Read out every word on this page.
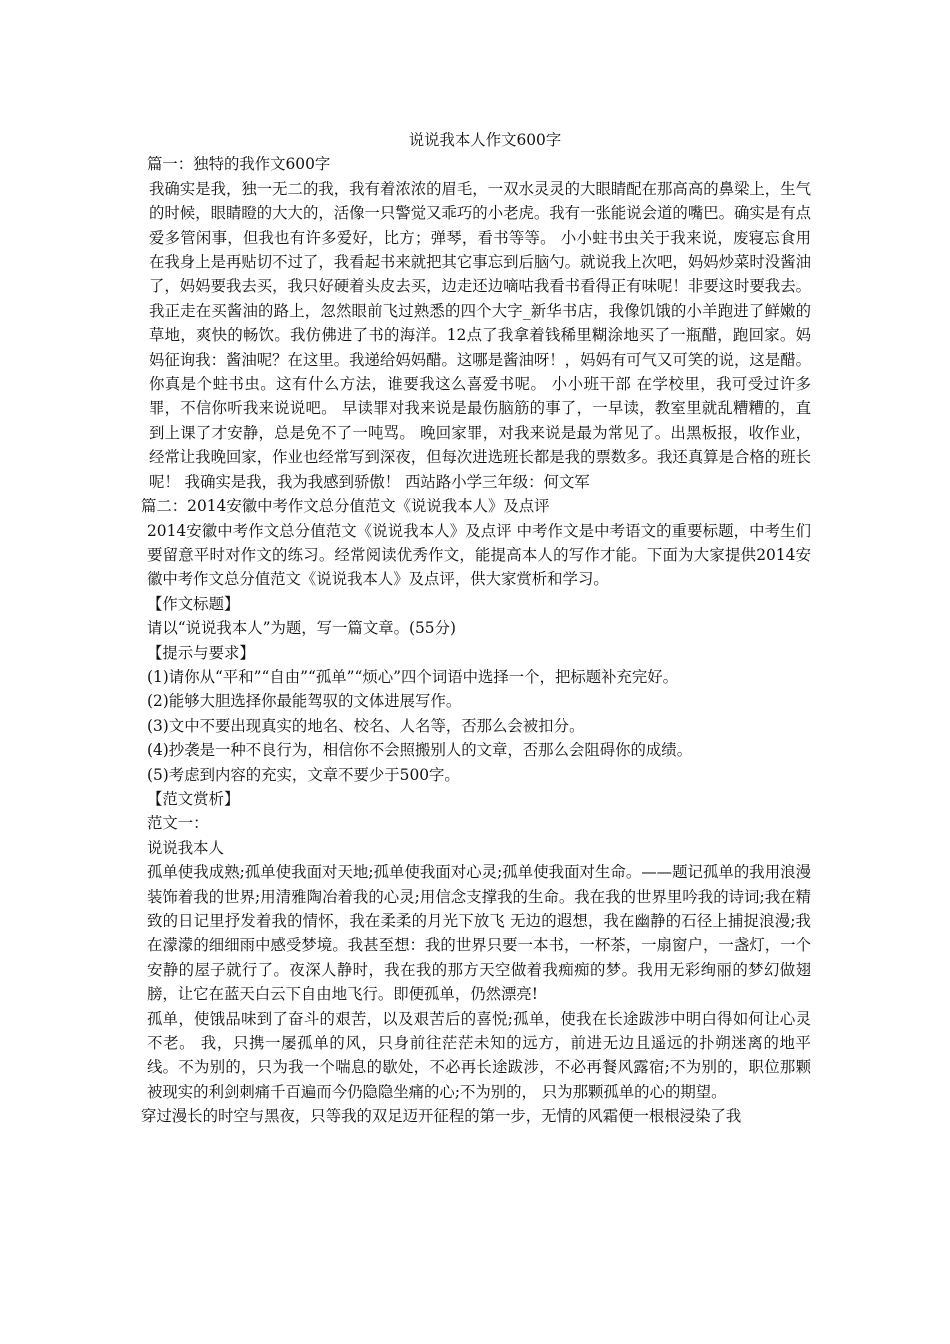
说说我本人作文600字

篇一：独特的我作文600字

我确实是我，独一无二的我，我有着浓浓的眉毛，一双水灵灵的大眼睛配在那高高的鼻梁上，生气的时候，眼睛瞪的大大的，活像一只警觉又乖巧的小老虎。我有一张能说会道的嘴巴。确实是有点爱多管闲事，但我也有许多爱好，比方；弹琴，看书等等。 小小蛀书虫关于我来说，废寝忘食用在我身上是再贴切不过了，我看起书来就把其它事忘到后脑勺。就说我上次吧，妈妈炒菜时没酱油了，妈妈要我去买，我只好硬着头皮去买，边走还边嘀咕我看书看得正有味呢！非要这时要我去。我正走在买酱油的路上，忽然眼前飞过熟悉的四个大字_新华书店，我像饥饿的小羊跑进了鲜嫩的草地，爽快的畅饮。我仿佛进了书的海洋。12点了我拿着钱稀里糊涂地买了一瓶醋，跑回家。妈妈征询我：酱油呢？在这里。我递给妈妈醋。这哪是酱油呀！，妈妈有可气又可笑的说，这是醋。你真是个蛀书虫。这有什么方法，谁要我这么喜爱书呢。 小小班干部 在学校里，我可受过许多罪，不信你听我来说说吧。 早读罪对我来说是最伤脑筋的事了，一早读，教室里就乱糟糟的，直到上课了才安静，总是免不了一吨骂。 晚回家罪，对我来说是最为常见了。出黑板报，收作业，经常让我晚回家，作业也经常写到深夜，但每次进选班长都是我的票数多。我还真算是合格的班长呢！ 我确实是我，我为我感到骄傲！ 西站路小学三年级：何文军

篇二：2014安徽中考作文总分值范文《说说我本人》及点评

2014安徽中考作文总分值范文《说说我本人》及点评 中考作文是中考语文的重要标题，中考生们要留意平时对作文的练习。经常阅读优秀作文，能提高本人的写作才能。下面为大家提供2014安徽中考作文总分值范文《说说我本人》及点评，供大家赏析和学习。

【作文标题】

请以“说说我本人”为题，写一篇文章。(55分)

【提示与要求】

(1)请你从“平和”“自由”“孤单”“烦心”四个词语中选择一个，把标题补充完好。

(2)能够大胆选择你最能驾驭的文体进展写作。

(3)文中不要出现真实的地名、校名、人名等，否那么会被扣分。

(4)抄袭是一种不良行为，相信你不会照搬别人的文章，否那么会阻碍你的成绩。

(5)考虑到内容的充实，文章不要少于500字。

【范文赏析】

范文一：

说说我本人

孤单使我成熟;孤单使我面对天地;孤单使我面对心灵;孤单使我面对生命。——题记孤单的我用浪漫装饰着我的世界;用清雅陶冶着我的心灵;用信念支撑我的生命。我在我的世界里吟我的诗词;我在精致的日记里抒发着我的情怀，我在柔柔的月光下放飞 无边的遐想，我在幽静的石径上捕捉浪漫;我在濛濛的细细雨中感受梦境。我甚至想：我的世界只要一本书，一杯茶，一扇窗户，一盏灯，一个安静的屋子就行了。夜深人静时，我在我的那方天空做着我痴痴的梦。我用无彩绚丽的梦幻做翅膀，让它在蓝天白云下自由地飞行。即便孤单，仍然漂亮!

孤单，使饿品味到了奋斗的艰苦，以及艰苦后的喜悦;孤单，使我在长途跋涉中明白得如何让心灵不老。 我，只携一屡孤单的风，只身前往茫茫未知的远方，前进无边且遥远的扑朔迷离的地平线。不为别的，只为我一个喘息的歇处，不必再长途跋涉，不必再餐风露宿;不为别的，职位那颗被现实的利剑刺痛千百遍而今仍隐隐坐痛的心;不为别的， 只为那颗孤单的心的期望。

穿过漫长的时空与黑夜，只等我的双足迈开征程的第一步，无情的风霜便一根根浸染了我
